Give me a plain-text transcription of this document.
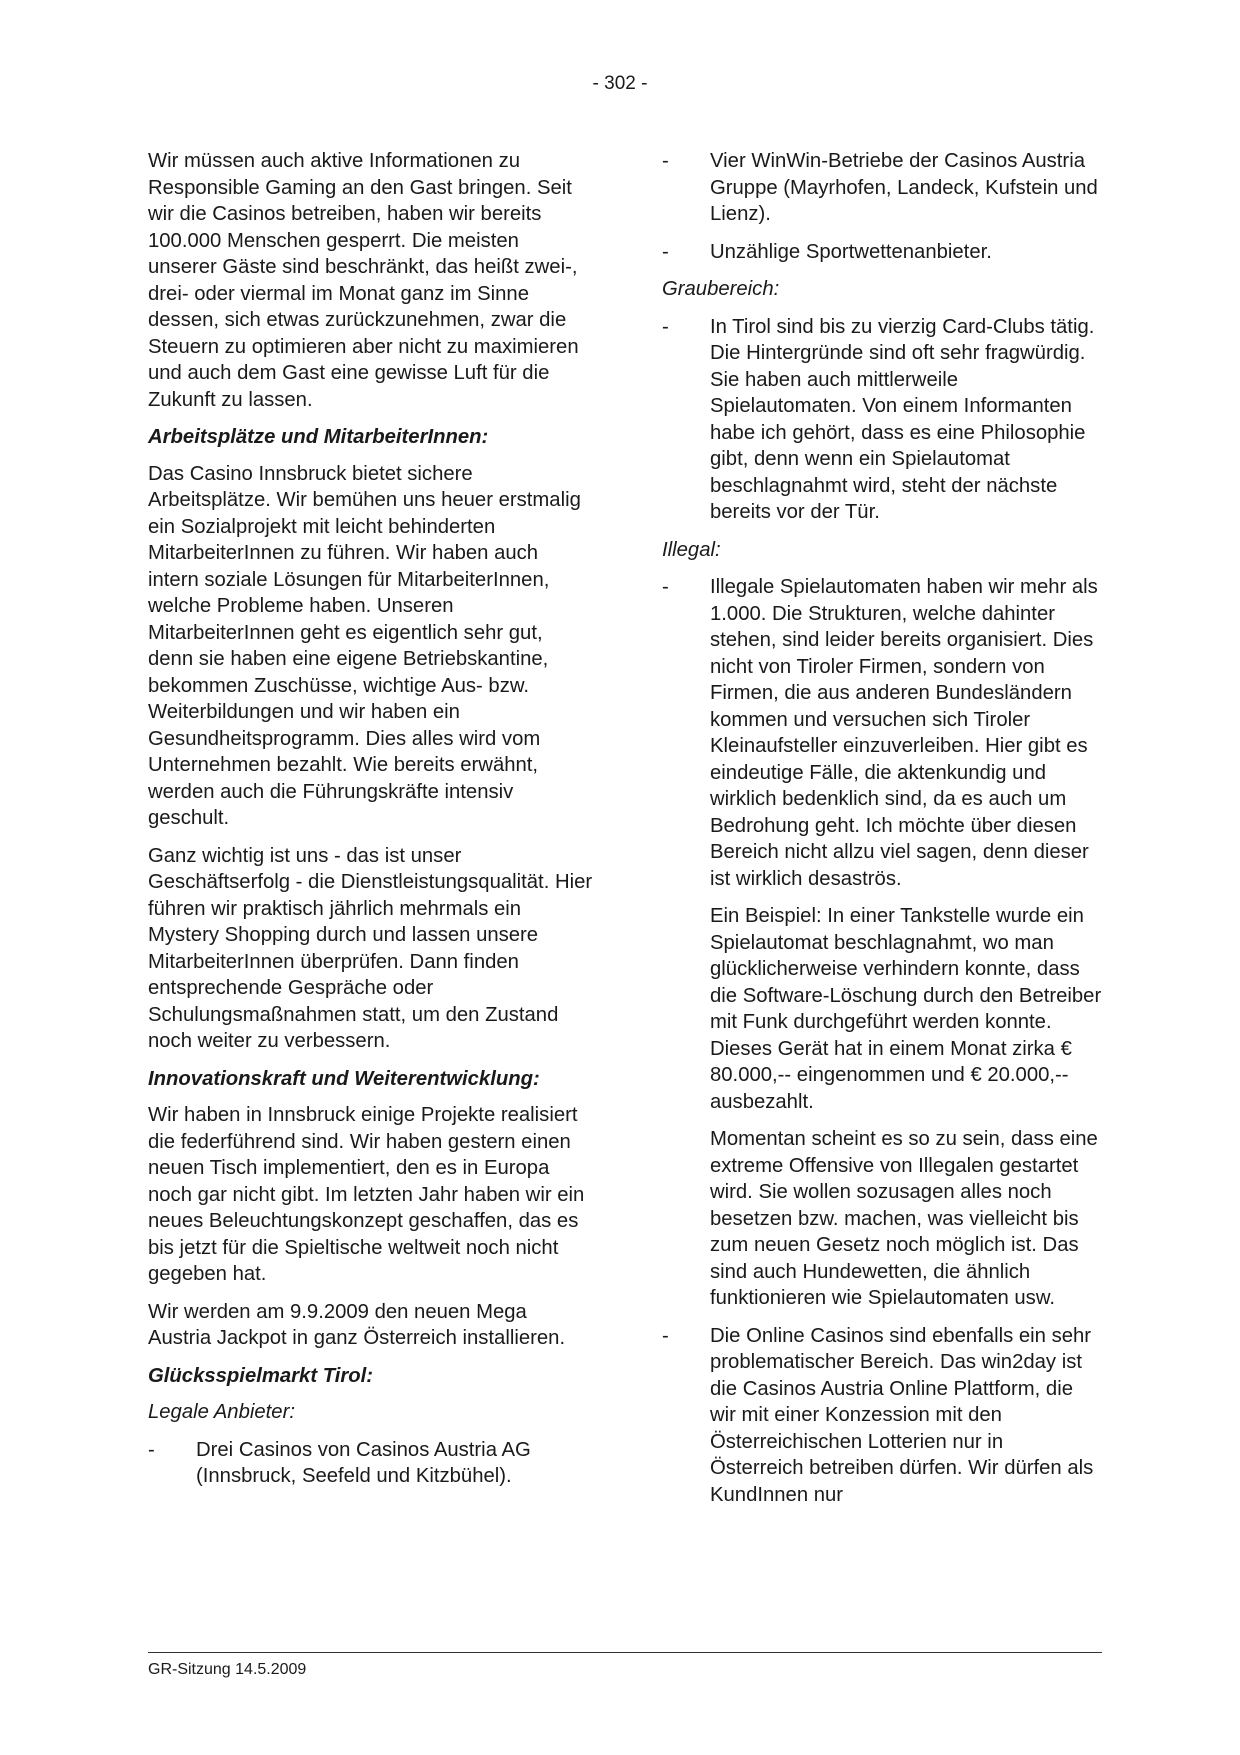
- 302 -

Wir müssen auch aktive Informationen zu Responsible Gaming an den Gast bringen. Seit wir die Casinos betreiben, haben wir bereits 100.000 Menschen gesperrt. Die meisten unserer Gäste sind beschränkt, das heißt zwei-, drei- oder viermal im Monat ganz im Sinne dessen, sich etwas zurückzunehmen, zwar die Steuern zu optimieren aber nicht zu maximieren und auch dem Gast eine gewisse Luft für die Zukunft zu lassen.

Arbeitsplätze und MitarbeiterInnen:

Das Casino Innsbruck bietet sichere Arbeitsplätze. Wir bemühen uns heuer erstmalig ein Sozialprojekt mit leicht behinderten MitarbeiterInnen zu führen. Wir haben auch intern soziale Lösungen für MitarbeiterInnen, welche Probleme haben. Unseren MitarbeiterInnen geht es eigentlich sehr gut, denn sie haben eine eigene Betriebskantine, bekommen Zuschüsse, wichtige Aus- bzw. Weiterbildungen und wir haben ein Gesundheitsprogramm. Dies alles wird vom Unternehmen bezahlt. Wie bereits erwähnt, werden auch die Führungskräfte intensiv geschult.

Ganz wichtig ist uns - das ist unser Geschäftserfolg - die Dienstleistungsqualität. Hier führen wir praktisch jährlich mehrmals ein Mystery Shopping durch und lassen unsere MitarbeiterInnen überprüfen. Dann finden entsprechende Gespräche oder Schulungsmaßnahmen statt, um den Zustand noch weiter zu verbessern.

Innovationskraft und Weiterentwicklung:

Wir haben in Innsbruck einige Projekte realisiert die federführend sind. Wir haben gestern einen neuen Tisch implementiert, den es in Europa noch gar nicht gibt. Im letzten Jahr haben wir ein neues Beleuchtungskonzept geschaffen, das es bis jetzt für die Spieltische weltweit noch nicht gegeben hat.

Wir werden am 9.9.2009 den neuen Mega Austria Jackpot in ganz Österreich installieren.

Glücksspielmarkt Tirol:

Legale Anbieter:

- Drei Casinos von Casinos Austria AG (Innsbruck, Seefeld und Kitzbühel).

- Vier WinWin-Betriebe der Casinos Austria Gruppe (Mayrhofen, Landeck, Kufstein und Lienz).

- Unzählige Sportwettenanbieter.

Graubereich:

- In Tirol sind bis zu vierzig Card-Clubs tätig. Die Hintergründe sind oft sehr fragwürdig. Sie haben auch mittlerweile Spielautomaten. Von einem Informanten habe ich gehört, dass es eine Philosophie gibt, denn wenn ein Spielautomat beschlagnahmt wird, steht der nächste bereits vor der Tür.

Illegal:

- Illegale Spielautomaten haben wir mehr als 1.000. Die Strukturen, welche dahinter stehen, sind leider bereits organisiert. Dies nicht von Tiroler Firmen, sondern von Firmen, die aus anderen Bundesländern kommen und versuchen sich Tiroler Kleinaufsteller einzuverleiben. Hier gibt es eindeutige Fälle, die aktenkundig und wirklich bedenklich sind, da es auch um Bedrohung geht. Ich möchte über diesen Bereich nicht allzu viel sagen, denn dieser ist wirklich desaströs.

Ein Beispiel: In einer Tankstelle wurde ein Spielautomat beschlagnahmt, wo man glücklicherweise verhindern konnte, dass die Software-Löschung durch den Betreiber mit Funk durchgeführt werden konnte. Dieses Gerät hat in einem Monat zirka € 80.000,-- eingenommen und € 20.000,-- ausbezahlt.

Momentan scheint es so zu sein, dass eine extreme Offensive von Illegalen gestartet wird. Sie wollen sozusagen alles noch besetzen bzw. machen, was vielleicht bis zum neuen Gesetz noch möglich ist. Das sind auch Hundewetten, die ähnlich funktionieren wie Spielautomaten usw.

- Die Online Casinos sind ebenfalls ein sehr problematischer Bereich. Das win2day ist die Casinos Austria Online Plattform, die wir mit einer Konzession mit den Österreichischen Lotterien nur in Österreich betreiben dürfen. Wir dürfen als KundInnen nur

GR-Sitzung 14.5.2009
